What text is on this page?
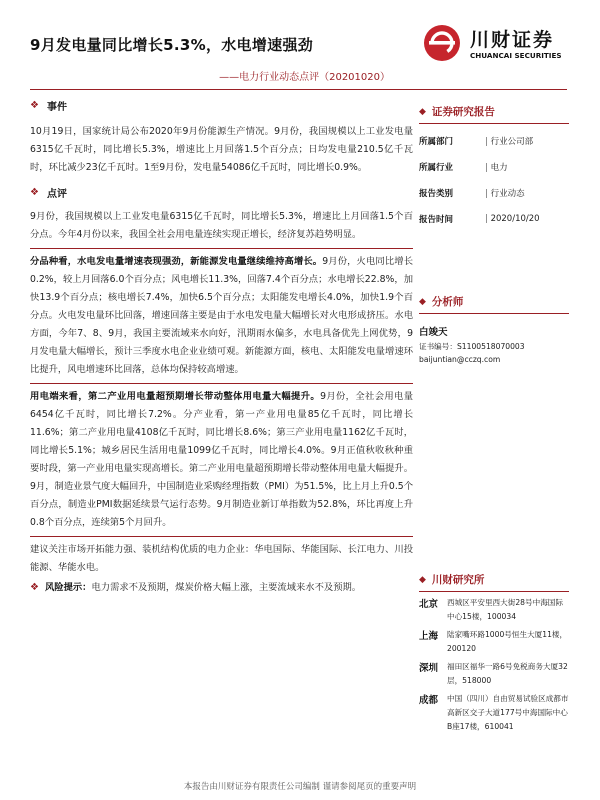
9月发电量同比增长5.3%，水电增速强劲
——电力行业动态点评（20201020）
川财证券
CHUANCAI SECURITIES
❖ 事件

10月19日，国家统计局公布2020年9月份能源生产情况。9月份，我国规模以上工业发电量6315亿千瓦时，同比增长5.3%，增速比上月回落1.5个百分点；日均发电量210.5亿千瓦时，环比减少23亿千瓦时。1至9月份，发电量54086亿千瓦时，同比增长0.9%。

❖ 点评

9月份，我国规模以上工业发电量6315亿千瓦时，同比增长5.3%，增速比上月回落1.5个百分点。今年4月份以来，我国全社会用电量连续实现正增长，经济复苏趋势明显。

分品种看，水电发电量增速表现强劲，新能源发电量继续维持高增长。9月份，火电同比增长0.2%，较上月回落6.0个百分点；风电增长11.3%，回落7.4个百分点；水电增长22.8%，加快13.9个百分点；核电增长7.4%，加快6.5个百分点；太阳能发电增长4.0%，加快1.9个百分点。火电发电量环比回落，增速回落主要是由于水电发电量大幅增长对火电形成挤压。水电方面，今年7、8、9月，我国主要流域来水向好，汛期雨水偏多，水电具备优先上网优势，9月发电量大幅增长，预计三季度水电企业业绩可观。新能源方面，核电、太阳能发电量增速环比提升，风电增速环比回落，总体均保持较高增速。

用电端来看，第二产业用电量超预期增长带动整体用电量大幅提升。9月份，全社会用电量6454亿千瓦时，同比增长7.2%。分产业看，第一产业用电量85亿千瓦时，同比增长11.6%；第二产业用电量4108亿千瓦时，同比增长8.6%；第三产业用电量1162亿千瓦时，同比增长5.1%；城乡居民生活用电量1099亿千瓦时，同比增长4.0%。9月正值秋收秋种重要时段，第一产业用电量实现高增长。第二产业用电量超预期增长带动整体用电量大幅提升。9月，制造业景气度大幅回升，中国制造业采购经理指数（PMI）为51.5%，比上月上升0.5个百分点，制造业PMI数据延续景气运行态势。9月制造业新订单指数为52.8%，环比再度上升0.8个百分点，连续第5个月回升。

建议关注市场开拓能力强、装机结构优质的电力企业：华电国际、华能国际、长江电力、川投能源、华能水电。

❖ 风险提示：电力需求不及预期，煤炭价格大幅上涨，主要流域来水不及预期。

◆ 证券研究报告
所属部门	| 行业公司部
所属行业	| 电力
报告类别	| 行业动态
报告时间	| 2020/10/20
◆ 分析师
白竣天
证书编号：S1100518070003
baijuntian@cczq.com
◆ 川财研究所
北京	西城区平安里西大街28号中海国际中心15楼，100034
上海	陆家嘴环路1000号恒生大厦11楼，200120
深圳	福田区福华一路6号免税商务大厦32层，518000
成都	中国（四川）自由贸易试验区成都市高新区交子大道177号中海国际中心B座17楼，610041
本报告由川财证券有限责任公司编制 谨请参阅尾页的重要声明
